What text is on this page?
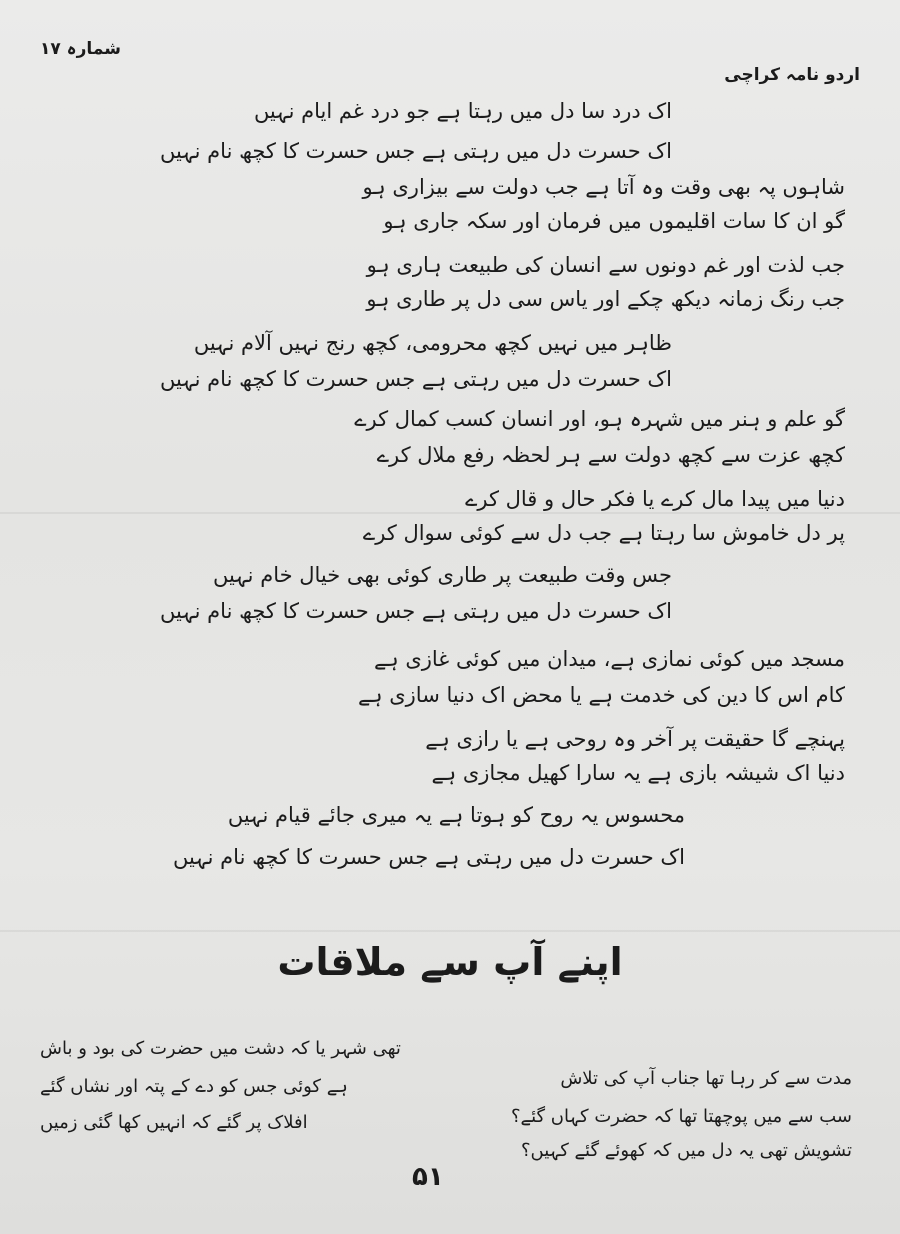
شمارہ ۱۷
اردو نامہ کراچی
اک درد سا دل میں رہتا ہے جو درد غم ایام نہیں
اک حسرت دل میں رہتی ہے جس حسرت کا کچھ نام نہیں
شاہوں پہ بھی وقت وہ آتا ہے جب دولت سے بیزاری ہو
گو ان کا سات اقلیموں میں فرمان اور سکہ جاری ہو
جب لذت اور غم دونوں سے انسان کی طبیعت ہاری ہو
جب رنگ زمانہ دیکھ چکے اور یاس سی دل پر طاری ہو
ظاہر میں نہیں کچھ محرومی، کچھ رنج نہیں آلام نہیں
اک حسرت دل میں رہتی ہے جس حسرت کا کچھ نام نہیں
گو علم و ہنر میں شہرہ ہو، اور انسان کسب کمال کرے
کچھ عزت سے کچھ دولت سے ہر لحظہ رفع ملال کرے
دنیا میں پیدا مال کرے یا فکر حال و قال کرے
پر دل خاموش سا رہتا ہے جب دل سے کوئی سوال کرے
جس وقت طبیعت پر طاری کوئی بھی خیال خام نہیں
اک حسرت دل میں رہتی ہے جس حسرت کا کچھ نام نہیں
مسجد میں کوئی نمازی ہے، میدان میں کوئی غازی ہے
کام اس کا دین کی خدمت ہے یا محض اک دنیا سازی ہے
پہنچے گا حقیقت پر آخر وہ روحی ہے یا رازی ہے
دنیا اک شیشہ بازی ہے یہ سارا کھیل مجازی ہے
محسوس یہ روح کو ہوتا ہے یہ میری جائے قیام نہیں
اک حسرت دل میں رہتی ہے جس حسرت کا کچھ نام نہیں
اپنے آپ سے ملاقات
مدت سے کر رہا تھا جناب آپ کی تلاش
سب سے میں پوچھتا تھا کہ حضرت کہاں گئے؟
تشویش تھی یہ دل میں کہ کھوئے گئے کہیں؟
تھی شہر یا کہ دشت میں حضرت کی بود و باش
ہے کوئی جس کو دے کے پتہ اور نشاں گئے
افلاک پر گئے کہ انہیں کھا گئی زمیں
۵۱
